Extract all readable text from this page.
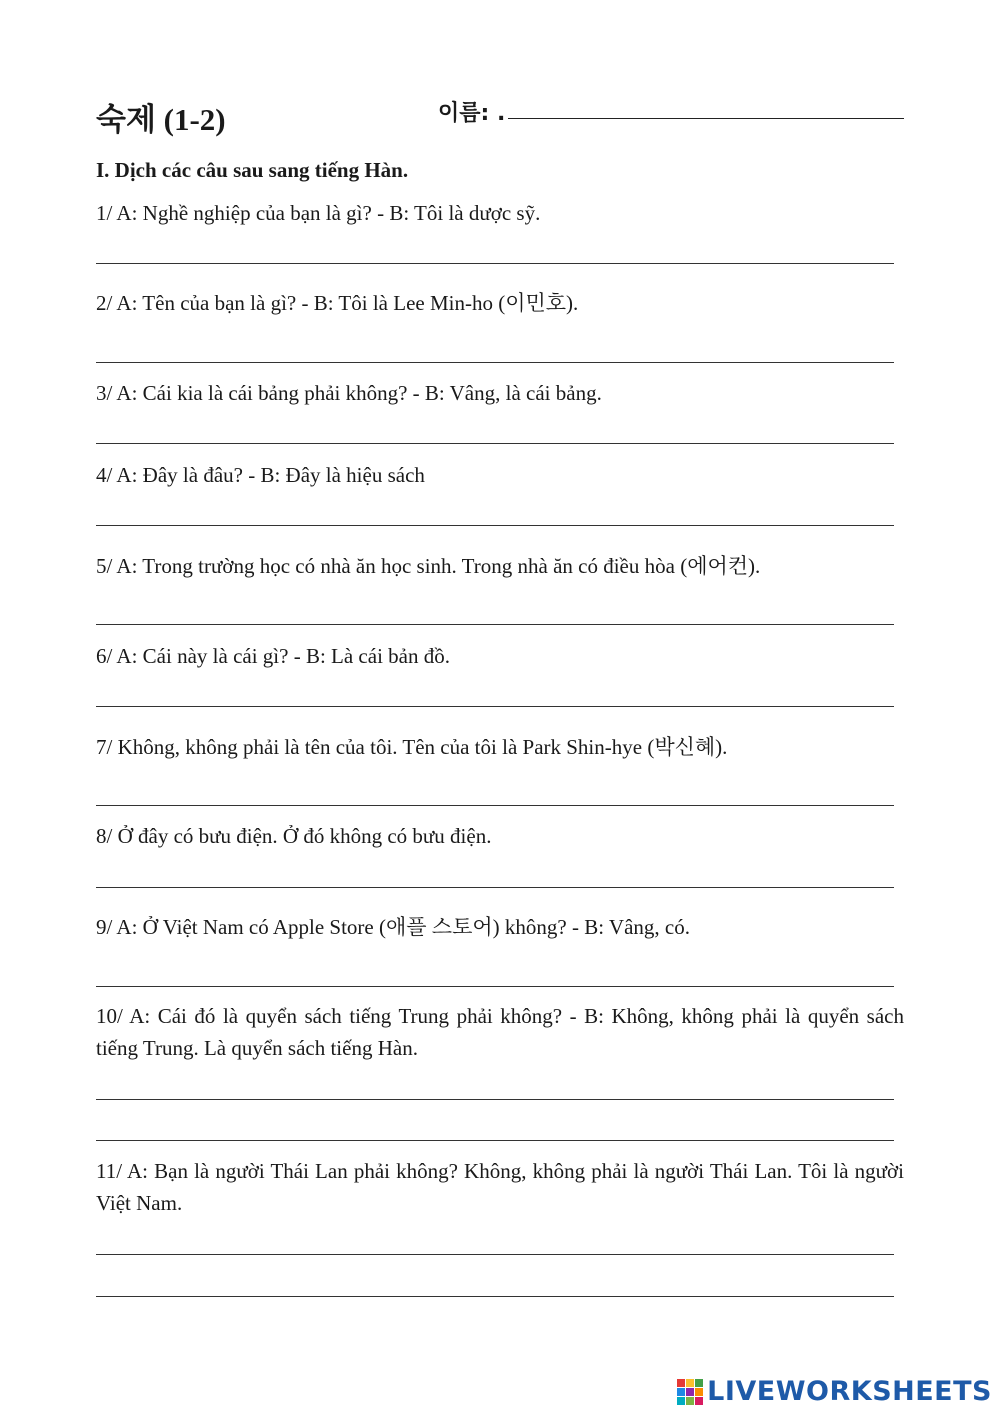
숙제 (1-2)	이름: .
I. Dịch các câu sau sang tiếng Hàn.
1/ A: Nghề nghiệp của bạn là gì? - B: Tôi là dược sỹ.
2/ A: Tên của bạn là gì? - B: Tôi là Lee Min-ho (이민호).
3/ A: Cái kia là cái bảng phải không? - B: Vâng, là cái bảng.
4/ A: Đây là đâu? - B: Đây là hiệu sách
5/ A: Trong trường học có nhà ăn học sinh. Trong nhà ăn có điều hòa (에어컨).
6/ A: Cái này là cái gì? - B: Là cái bản đồ.
7/ Không, không phải là tên của tôi. Tên của tôi là Park Shin-hye (박신혜).
8/ Ở đây có bưu điện. Ở đó không có bưu điện.
9/ A: Ở Việt Nam có Apple Store (애플 스토어) không? - B: Vâng, có.
10/ A: Cái đó là quyển sách tiếng Trung phải không? - B: Không, không phải là quyển sách tiếng Trung. Là quyển sách tiếng Hàn.
11/ A: Bạn là người Thái Lan phải không? Không, không phải là người Thái Lan. Tôi là người Việt Nam.
LIVEWORKSHEETS
